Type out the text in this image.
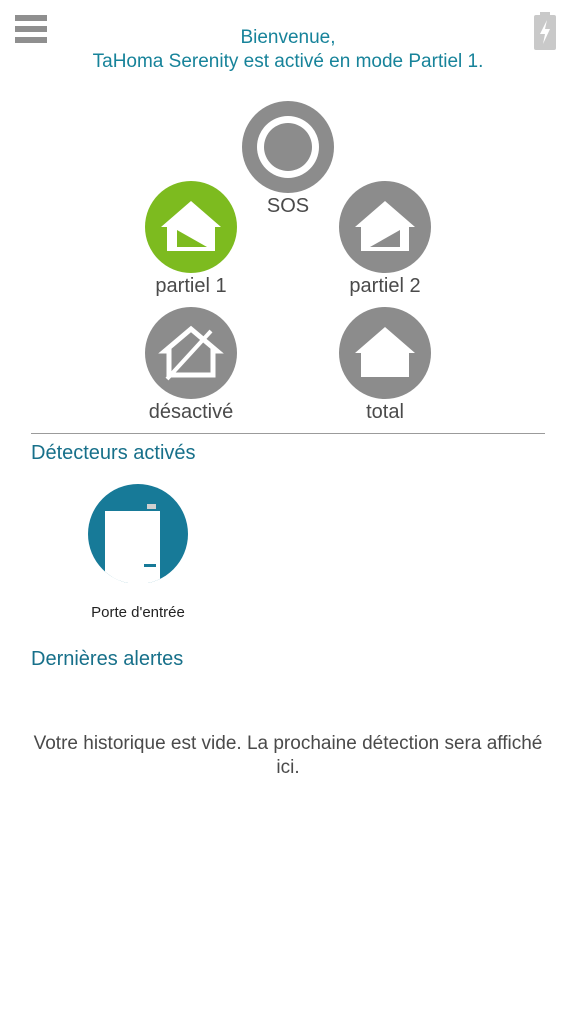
Bienvenue,
TaHoma Serenity est activé en mode Partiel 1.
SOS
partiel 1	partiel 2
désactivé	total
Détecteurs activés
Porte d'entrée
Dernières alertes
Votre historique est vide. La prochaine détection sera affiché ici.
